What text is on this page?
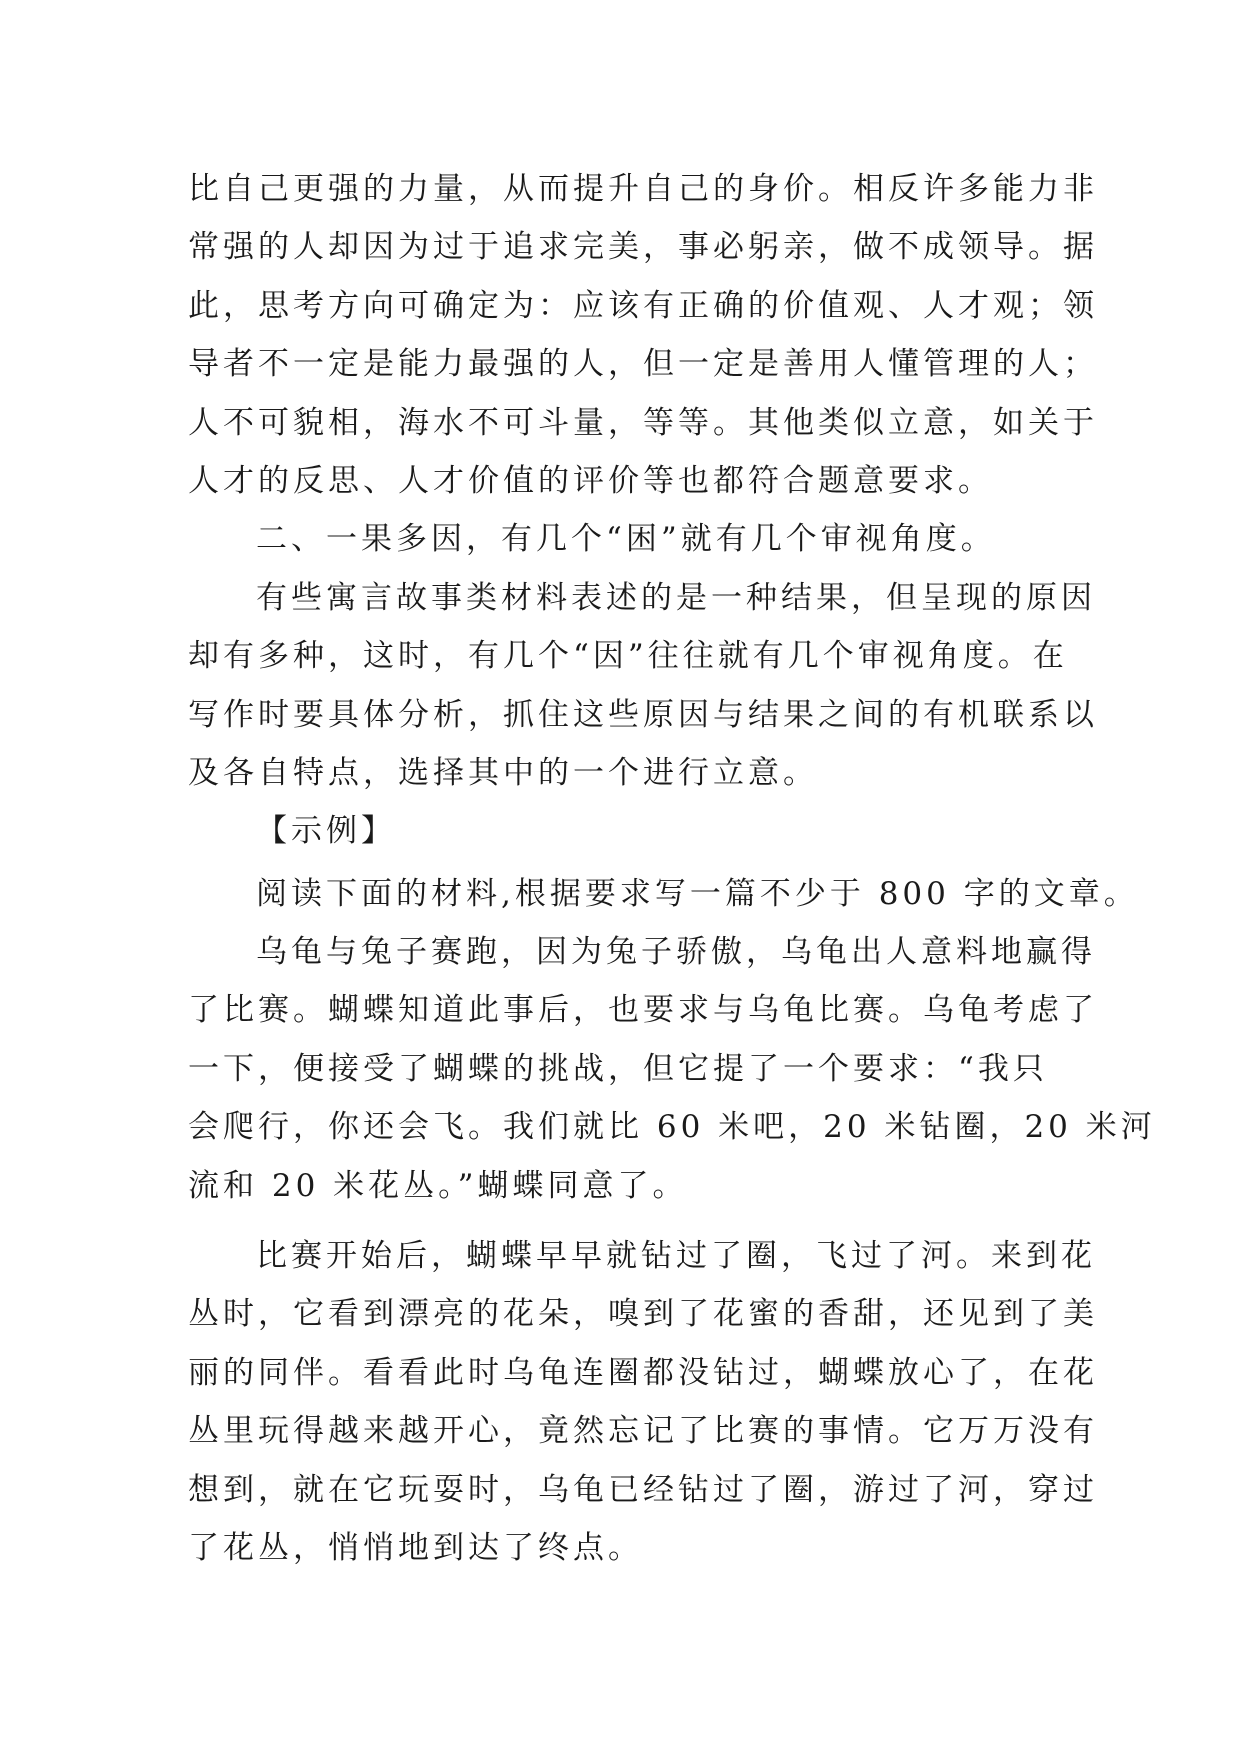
比自己更强的力量，从而提升自己的身价。相反许多能力非
常强的人却因为过于追求完美，事必躬亲，做不成领导。据
此，思考方向可确定为：应该有正确的价值观、人才观；领
导者不一定是能力最强的人，但一定是善用人懂管理的人；
人不可貌相，海水不可斗量，等等。其他类似立意，如关于
人才的反思、人才价值的评价等也都符合题意要求。
二、一果多因，有几个“困”就有几个审视角度。
有些寓言故事类材料表述的是一种结果，但呈现的原因
却有多种，这时，有几个“因”往往就有几个审视角度。在
写作时要具体分析，抓住这些原因与结果之间的有机联系以
及各自特点，选择其中的一个进行立意。
【示例】
阅读下面的材料,根据要求写一篇不少于 800 字的文章。
乌龟与兔子赛跑，因为兔子骄傲，乌龟出人意料地赢得
了比赛。蝴蝶知道此事后，也要求与乌龟比赛。乌龟考虑了
一下，便接受了蝴蝶的挑战，但它提了一个要求：“我只
会爬行，你还会飞。我们就比 60 米吧，20 米钻圈，20 米河
流和 20 米花丛。”蝴蝶同意了。
比赛开始后，蝴蝶早早就钻过了圈，飞过了河。来到花
丛时，它看到漂亮的花朵，嗅到了花蜜的香甜，还见到了美
丽的同伴。看看此时乌龟连圈都没钻过，蝴蝶放心了，在花
丛里玩得越来越开心，竟然忘记了比赛的事情。它万万没有
想到，就在它玩耍时，乌龟已经钻过了圈，游过了河，穿过
了花丛，悄悄地到达了终点。
